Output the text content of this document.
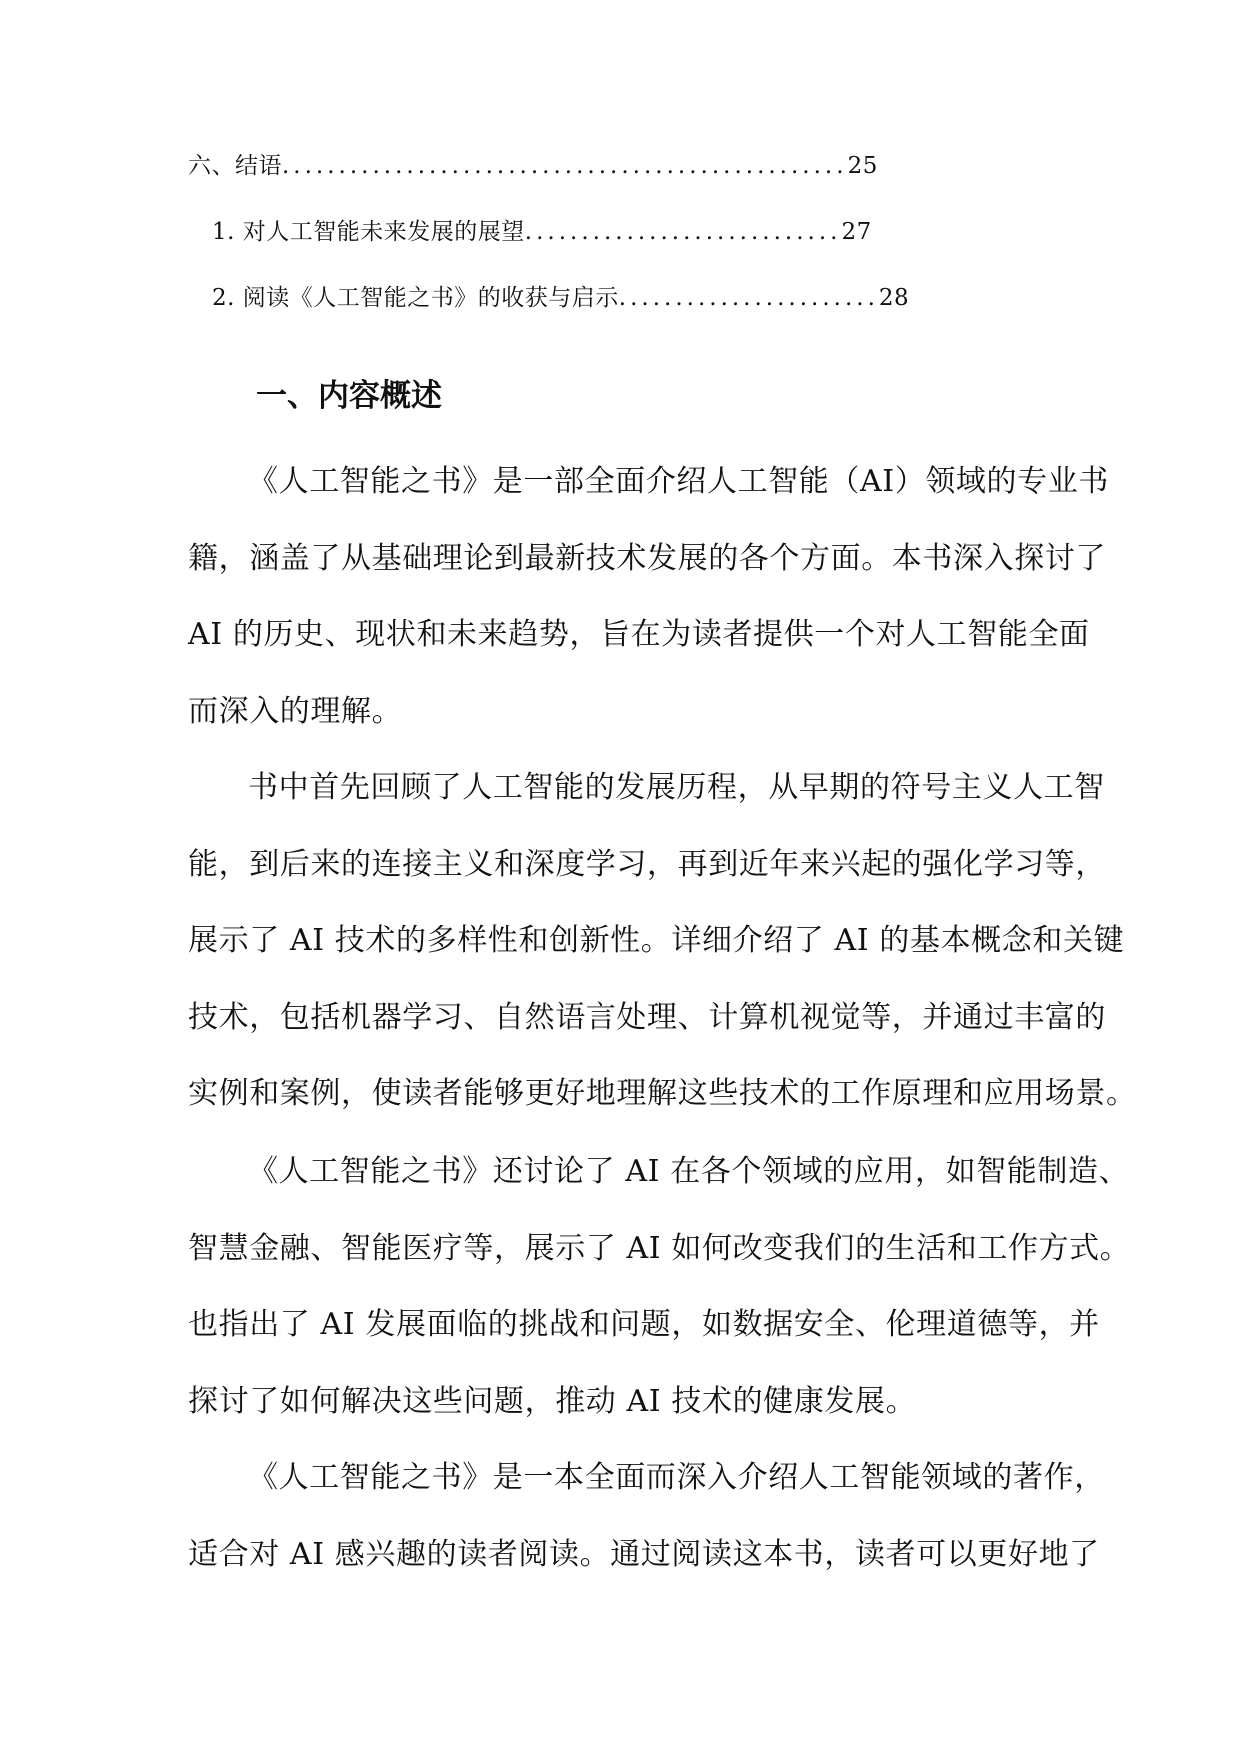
六、结语..................................................25
1. 对人工智能未来发展的展望............................27
2. 阅读《人工智能之书》的收获与启示.......................28
一、内容概述
《人工智能之书》是一部全面介绍人工智能（AI）领域的专业书
籍，涵盖了从基础理论到最新技术发展的各个方面。本书深入探讨了
AI 的历史、现状和未来趋势，旨在为读者提供一个对人工智能全面
而深入的理解。
书中首先回顾了人工智能的发展历程，从早期的符号主义人工智
能，到后来的连接主义和深度学习，再到近年来兴起的强化学习等，
展示了 AI 技术的多样性和创新性。详细介绍了 AI 的基本概念和关键
技术，包括机器学习、自然语言处理、计算机视觉等，并通过丰富的
实例和案例，使读者能够更好地理解这些技术的工作原理和应用场景。
《人工智能之书》还讨论了 AI 在各个领域的应用，如智能制造、
智慧金融、智能医疗等，展示了 AI 如何改变我们的生活和工作方式。
也指出了 AI 发展面临的挑战和问题，如数据安全、伦理道德等，并
探讨了如何解决这些问题，推动 AI 技术的健康发展。
《人工智能之书》是一本全面而深入介绍人工智能领域的著作，
适合对 AI 感兴趣的读者阅读。通过阅读这本书，读者可以更好地了
